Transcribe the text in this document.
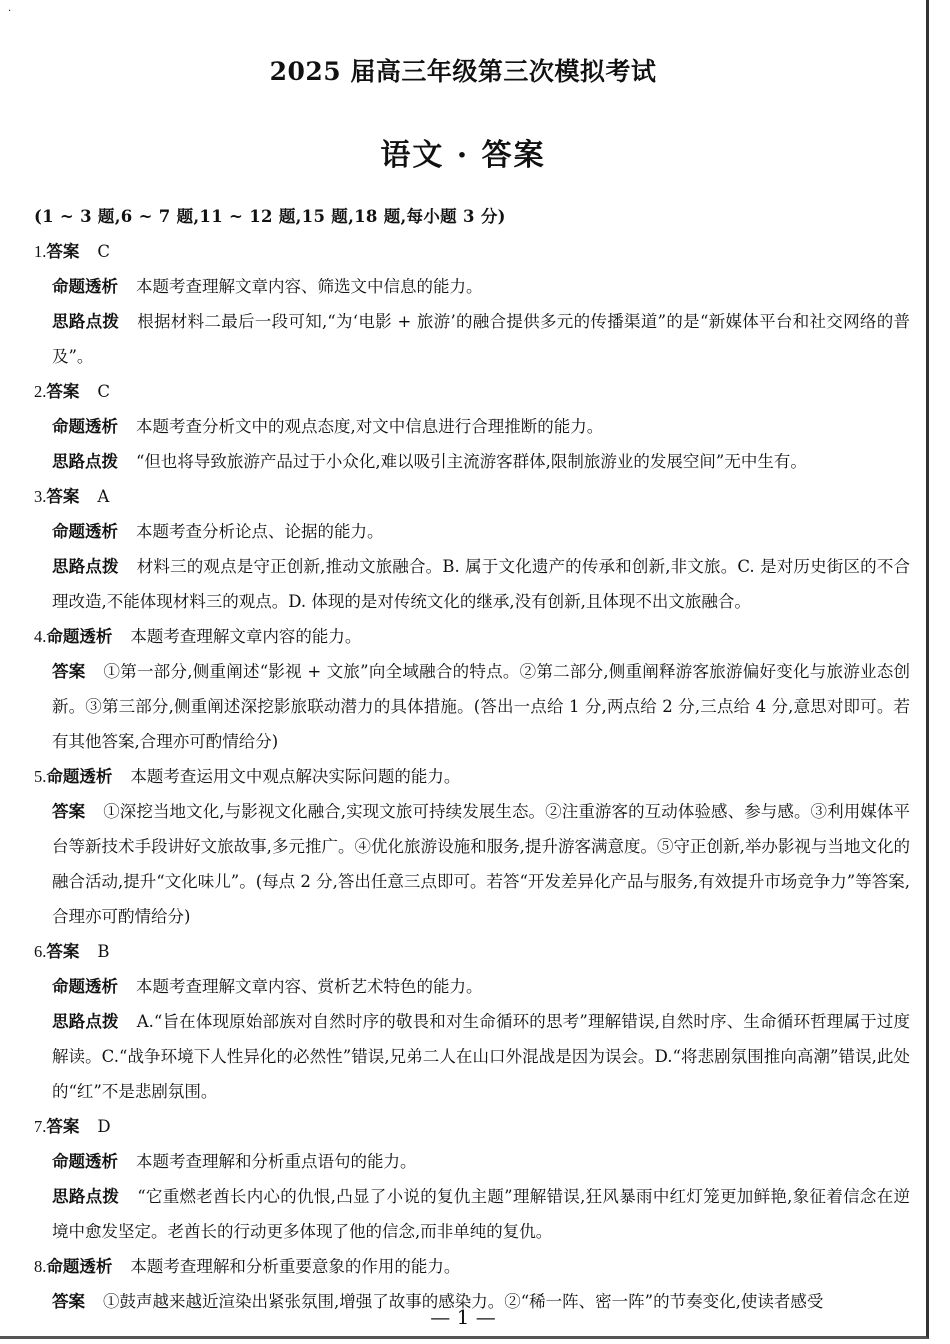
·
2025 届高三年级第三次模拟考试
语文 · 答案
(1 ~ 3 题,6 ~ 7 题,11 ~ 12 题,15 题,18 题,每小题 3 分)
1.答案 C
命题透析 本题考查理解文章内容、筛选文中信息的能力。
思路点拨 根据材料二最后一段可知,“为‘电影 + 旅游’的融合提供多元的传播渠道”的是“新媒体平台和社交网络的普及”。
2.答案 C
命题透析 本题考查分析文中的观点态度,对文中信息进行合理推断的能力。
思路点拨 “但也将导致旅游产品过于小众化,难以吸引主流游客群体,限制旅游业的发展空间”无中生有。
3.答案 A
命题透析 本题考查分析论点、论据的能力。
思路点拨 材料三的观点是守正创新,推动文旅融合。B. 属于文化遗产的传承和创新,非文旅。C. 是对历史街区的不合理改造,不能体现材料三的观点。D. 体现的是对传统文化的继承,没有创新,且体现不出文旅融合。
4.命题透析 本题考查理解文章内容的能力。
答案 ①第一部分,侧重阐述“影视 + 文旅”向全域融合的特点。②第二部分,侧重阐释游客旅游偏好变化与旅游业态创新。③第三部分,侧重阐述深挖影旅联动潜力的具体措施。(答出一点给 1 分,两点给 2 分,三点给 4 分,意思对即可。若有其他答案,合理亦可酌情给分)
5.命题透析 本题考查运用文中观点解决实际问题的能力。
答案 ①深挖当地文化,与影视文化融合,实现文旅可持续发展生态。②注重游客的互动体验感、参与感。③利用媒体平台等新技术手段讲好文旅故事,多元推广。④优化旅游设施和服务,提升游客满意度。⑤守正创新,举办影视与当地文化的融合活动,提升“文化味儿”。(每点 2 分,答出任意三点即可。若答“开发差异化产品与服务,有效提升市场竞争力”等答案,合理亦可酌情给分)
6.答案 B
命题透析 本题考查理解文章内容、赏析艺术特色的能力。
思路点拨 A.“旨在体现原始部族对自然时序的敬畏和对生命循环的思考”理解错误,自然时序、生命循环哲理属于过度解读。C.“战争环境下人性异化的必然性”错误,兄弟二人在山口外混战是因为误会。D.“将悲剧氛围推向高潮”错误,此处的“红”不是悲剧氛围。
7.答案 D
命题透析 本题考查理解和分析重点语句的能力。
思路点拨 “它重燃老酋长内心的仇恨,凸显了小说的复仇主题”理解错误,狂风暴雨中红灯笼更加鲜艳,象征着信念在逆境中愈发坚定。老酋长的行动更多体现了他的信念,而非单纯的复仇。
8.命题透析 本题考查理解和分析重要意象的作用的能力。
答案 ①鼓声越来越近渲染出紧张氛围,增强了故事的感染力。②“稀一阵、密一阵”的节奏变化,使读者感受
— 1 —
